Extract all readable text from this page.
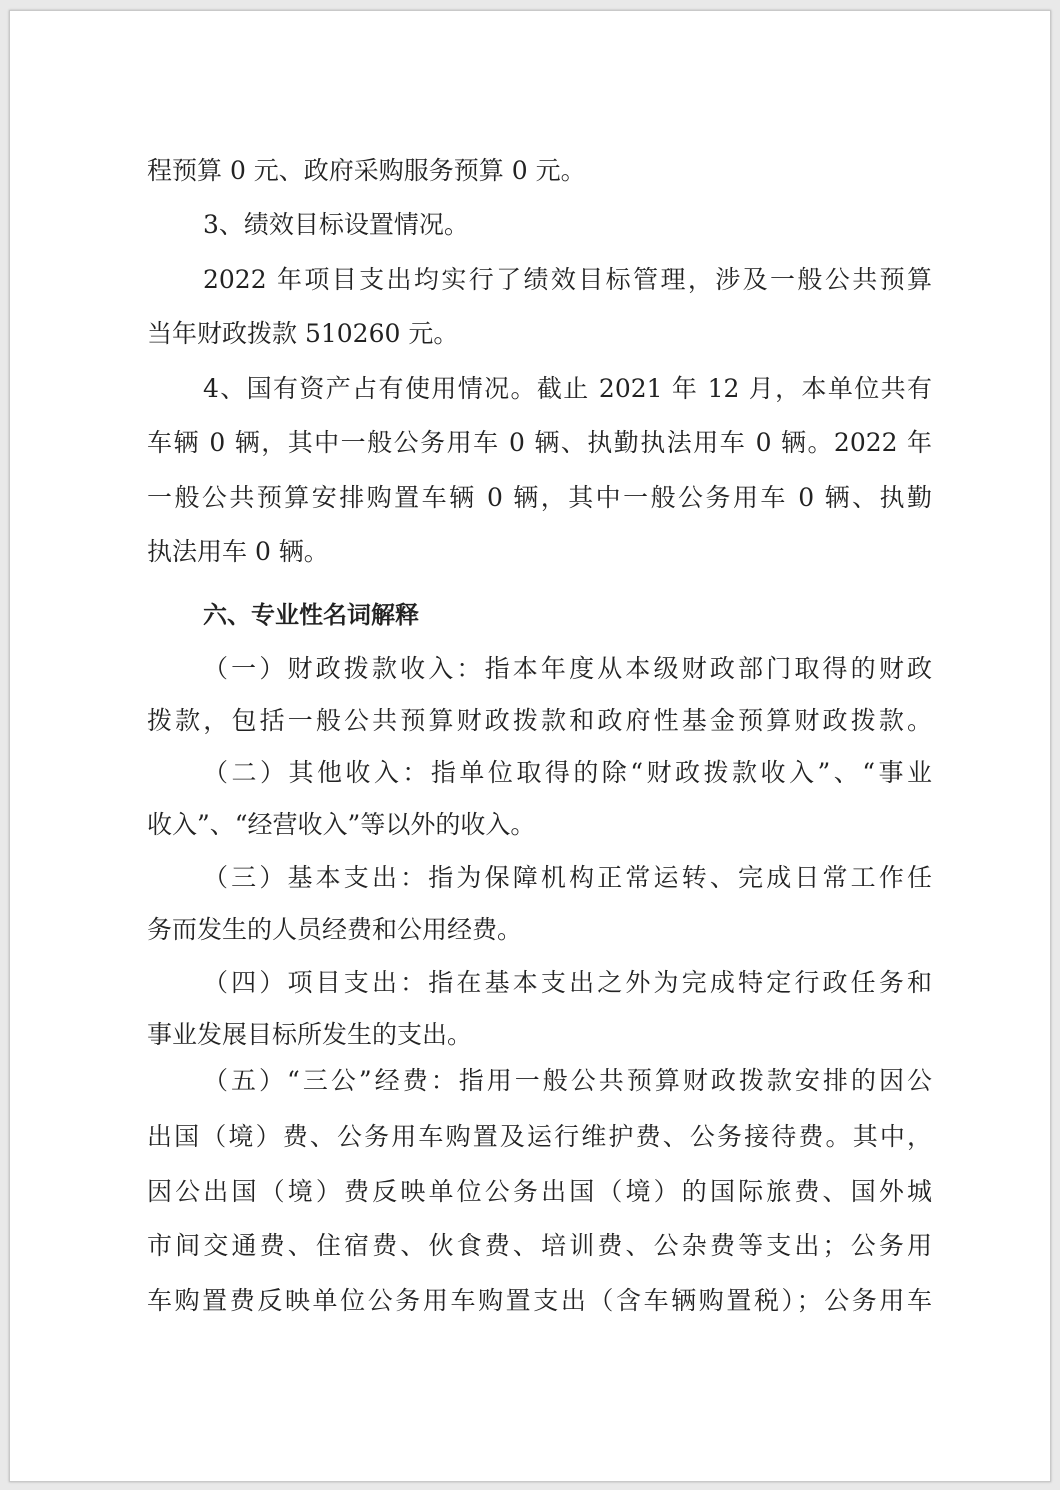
程预算 0 元、政府采购服务预算 0 元。
3、绩效目标设置情况。
2022 年项目支出均实行了绩效目标管理，涉及一般公共预算
当年财政拨款 510260 元。
4、国有资产占有使用情况。截止 2021 年 12 月，本单位共有
车辆 0 辆，其中一般公务用车 0 辆、执勤执法用车 0 辆。2022 年
一般公共预算安排购置车辆 0 辆，其中一般公务用车 0 辆、执勤
执法用车 0 辆。
六、专业性名词解释
（一）财政拨款收入：指本年度从本级财政部门取得的财政
拨款，包括一般公共预算财政拨款和政府性基金预算财政拨款。
（二）其他收入：指单位取得的除“财政拨款收入”、“事业
收入”、“经营收入”等以外的收入。
（三）基本支出：指为保障机构正常运转、完成日常工作任
务而发生的人员经费和公用经费。
（四）项目支出：指在基本支出之外为完成特定行政任务和
事业发展目标所发生的支出。
（五）“三公”经费：指用一般公共预算财政拨款安排的因公
出国（境）费、公务用车购置及运行维护费、公务接待费。其中，
因公出国（境）费反映单位公务出国（境）的国际旅费、国外城
市间交通费、住宿费、伙食费、培训费、公杂费等支出；公务用
车购置费反映单位公务用车购置支出（含车辆购置税）；公务用车
